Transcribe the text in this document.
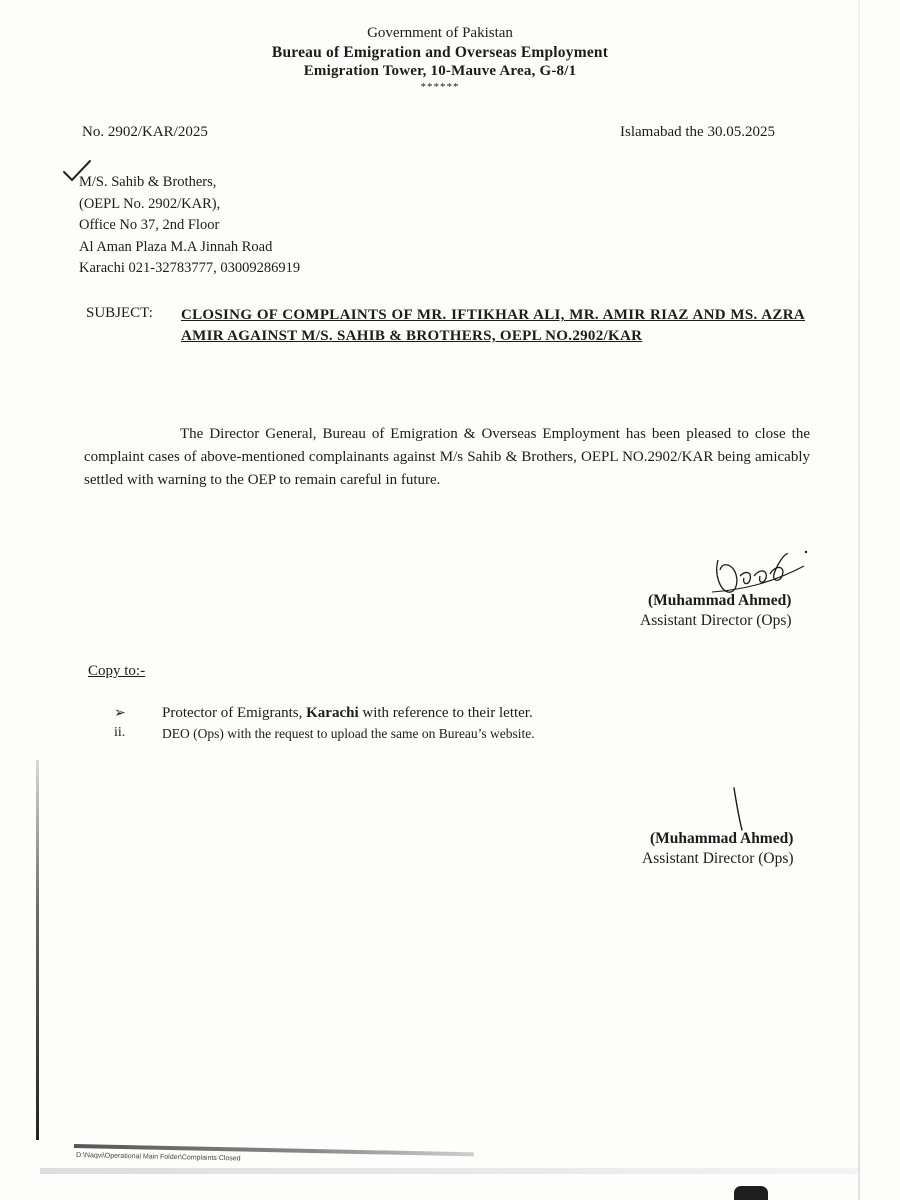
Government of Pakistan
Bureau of Emigration and Overseas Employment
Emigration Tower, 10-Mauve Area, G-8/1
******
No. 2902/KAR/2025	Islamabad the 30.05.2025
M/S. Sahib & Brothers,
(OEPL No. 2902/KAR),
Office No 37, 2nd Floor
Al Aman Plaza M.A Jinnah Road
Karachi 021-32783777, 03009286919
SUBJECT: CLOSING OF COMPLAINTS OF MR. IFTIKHAR ALI, MR. AMIR RIAZ AND MS. AZRA AMIR AGAINST M/S. SAHIB & BROTHERS, OEPL NO.2902/KAR
The Director General, Bureau of Emigration & Overseas Employment has been pleased to close the complaint cases of above-mentioned complainants against M/s Sahib & Brothers, OEPL NO.2902/KAR being amicably settled with warning to the OEP to remain careful in future.
(Muhammad Ahmed)
Assistant Director (Ops)
Copy to:-
➢	Protector of Emigrants, Karachi with reference to their letter.
ii.	DEO (Ops) with the request to upload the same on Bureau’s website.
(Muhammad Ahmed)
Assistant Director (Ops)
D:\Naqvi\Operational Main Folder\Complaints Closed
